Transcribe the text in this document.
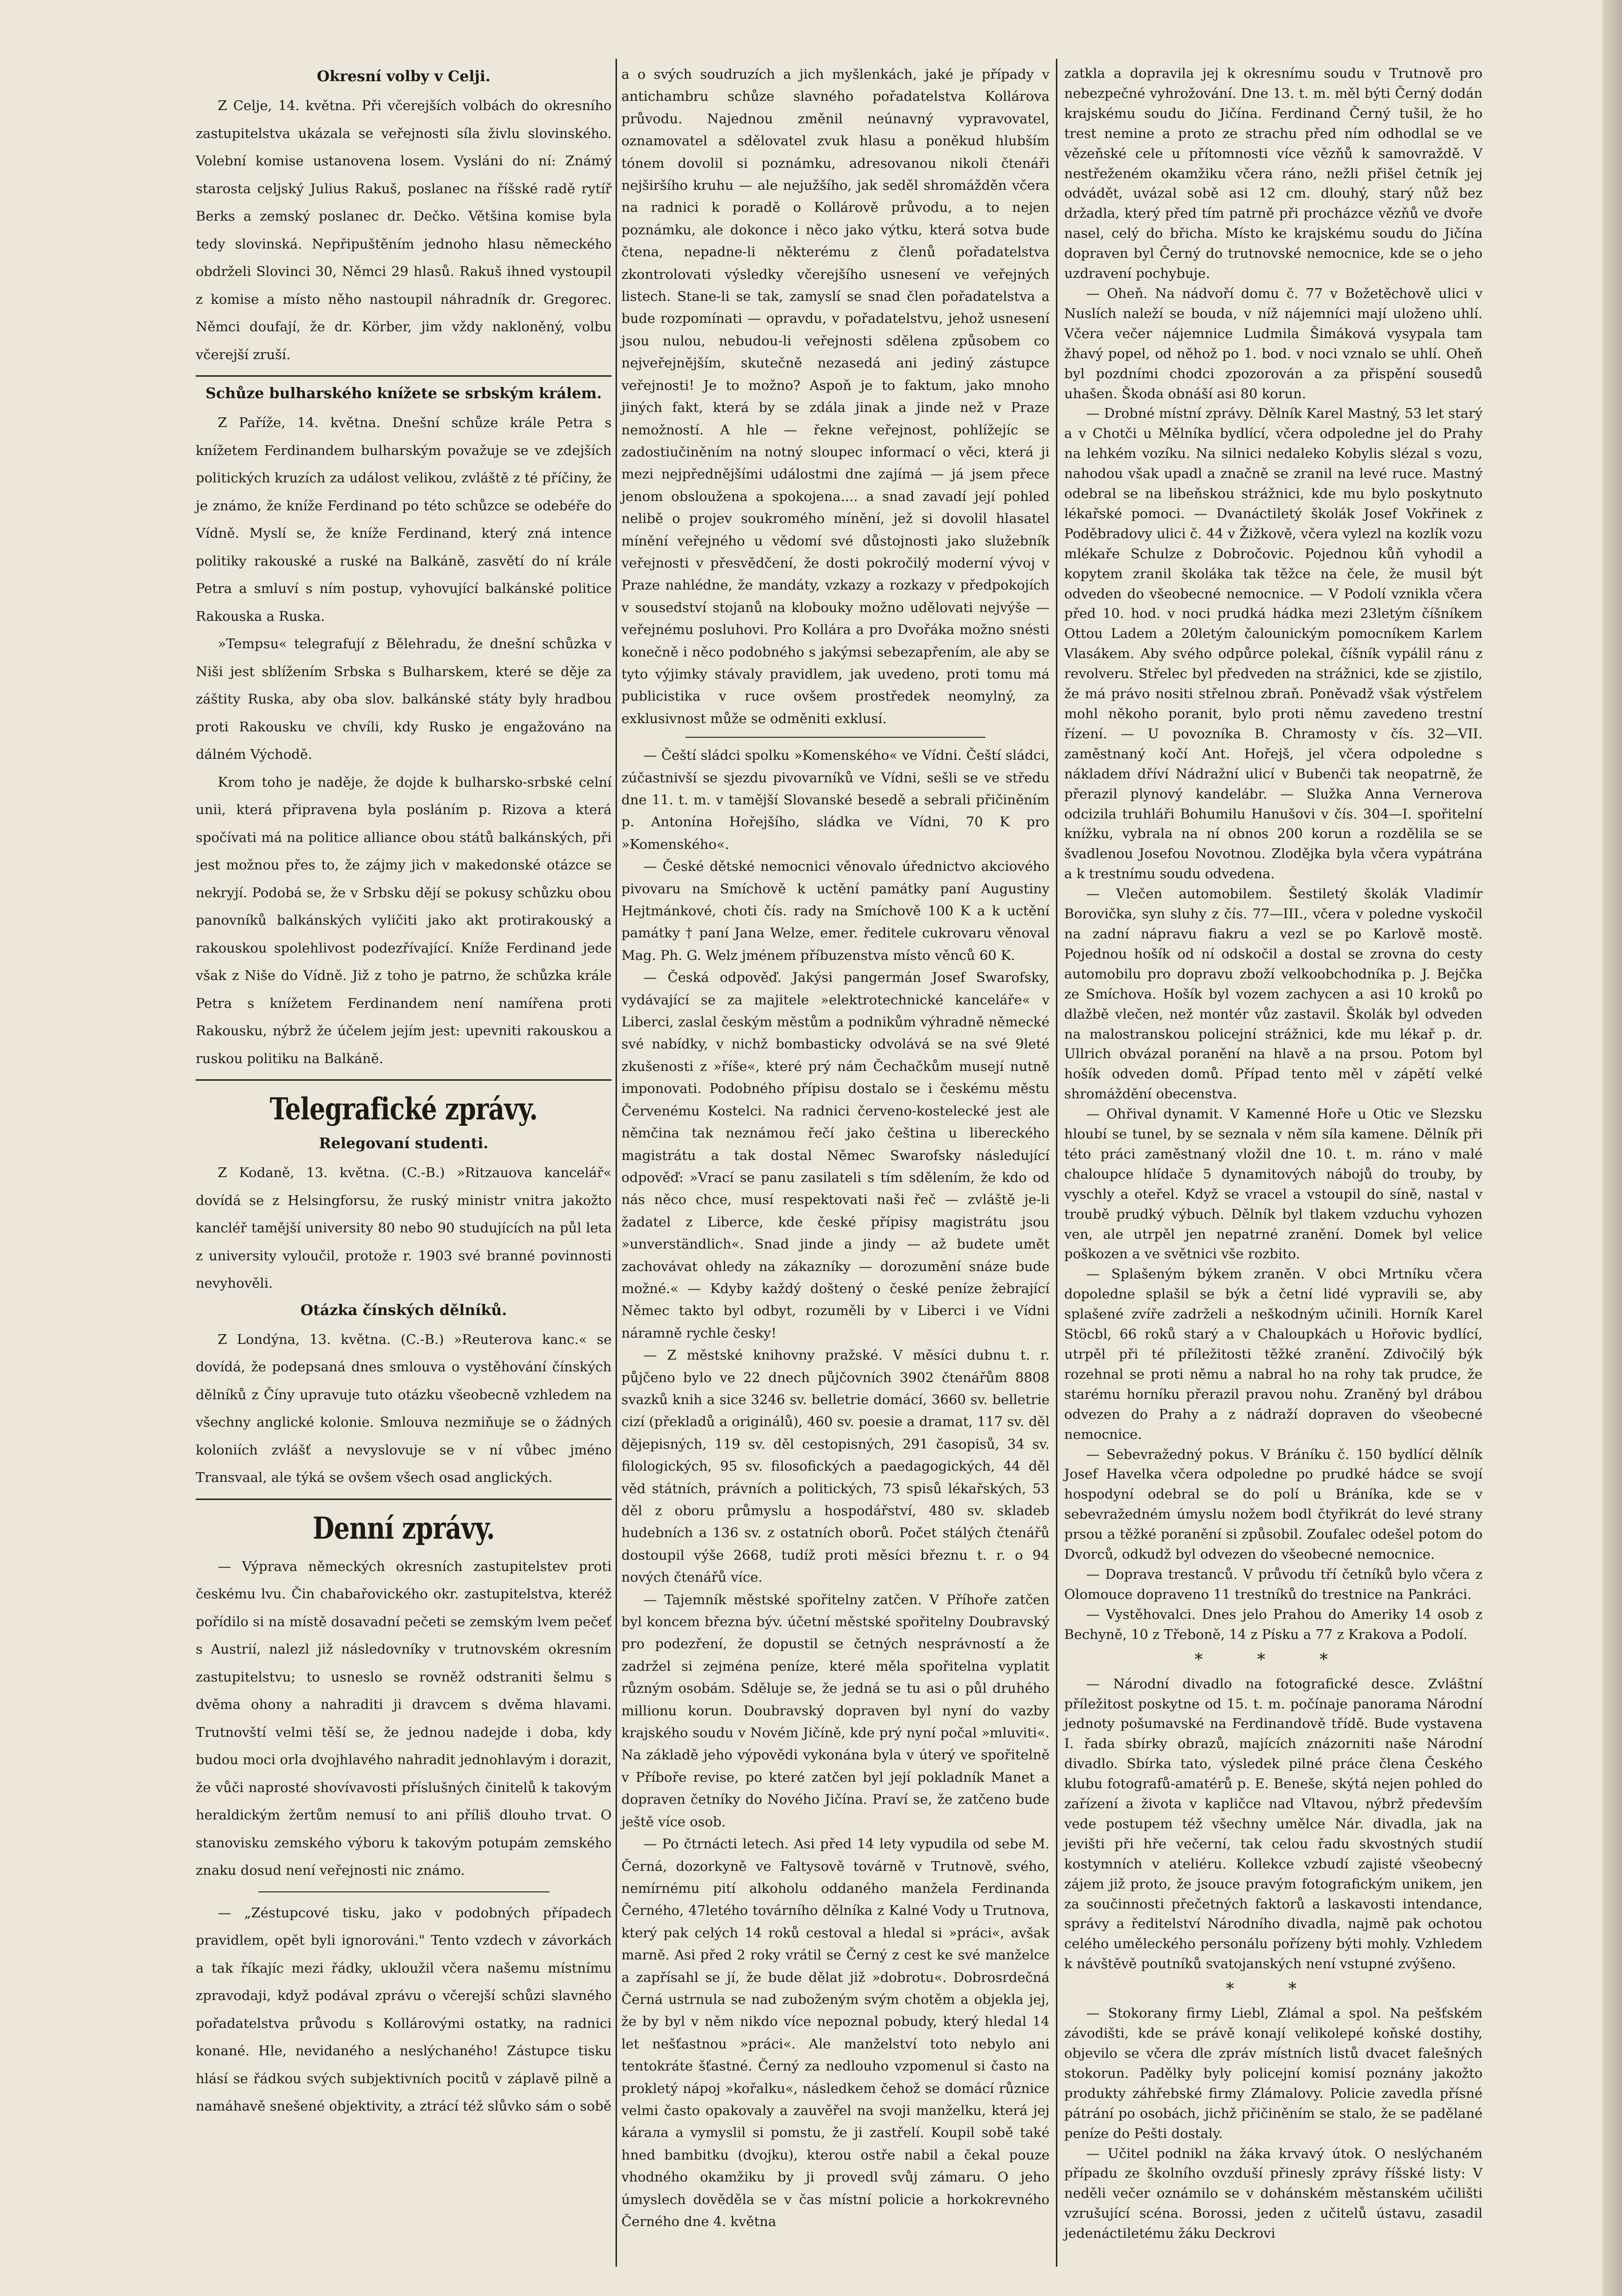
Okresní volby v Celji.

Z Celje, 14. května. Při včerejších volbách do okresního zastupitelstva ukázala se veřejnosti síla živlu slovinského. Volební komise ustanovena losem. Vysláni do ní: Známý starosta celjský Julius Rakuš, poslanec na říšské radě rytíř Berks a zemský poslanec dr. Dečko. Většina komise byla tedy slovinská. Nepřipuštěním jednoho hlasu německého obdrželi Slovinci 30, Němci 29 hlasů. Rakuš ihned vystoupil z komise a místo něho nastoupil náhradník dr. Gregorec. Němci doufají, že dr. Körber, jim vždy nakloněný, volbu včerejší zruší.

Schůze bulharského knížete se srbským králem.

Z Paříže, 14. května. Dnešní schůze krále Petra s knížetem Ferdinandem bulharským považuje se ve zdejších politických kruzích za událost velikou, zvláště z té příčiny, že je známo, že kníže Ferdinand po této schůzce se odebéře do Vídně. Myslí se, že kníže Ferdinand, který zná intence politiky rakouské a ruské na Balkáně, zasvětí do ní krále Petra a smluví s ním postup, vyhovující balkánské politice Rakouska a Ruska.

»Tempsu« telegrafují z Bělehradu, že dnešní schůzka v Niši jest sblížením Srbska s Bulharskem, které se děje za záštity Ruska, aby oba slov. balkánské státy byly hradbou proti Rakousku ve chvíli, kdy Rusko je engažováno na dálném Východě.

Krom toho je naděje, že dojde k bulharsko-srbské celní unii, která připravena byla posláním p. Rizova a která spočívati má na politice alliance obou států balkánských, při jest možnou přes to, že zájmy jich v makedonské otázce se nekryjí. Podobá se, že v Srbsku dějí se pokusy schůzku obou panovníků balkánských vyličiti jako akt protirakouský a rakouskou spolehlivost podezřívající. Kníže Ferdinand jede však z Niše do Vídně. Již z toho je patrno, že schůzka krále Petra s knížetem Ferdinandem není namířena proti Rakousku, nýbrž že účelem jejím jest: upevniti rakouskou a ruskou politiku na Balkáně.

Telegrafické zprávy.
Relegovaní studenti.

Z Kodaně, 13. května. (C.-B.) »Ritzauova kancelář« dovídá se z Helsingforsu, že ruský ministr vnitra jakožto kancléř tamější university 80 nebo 90 studujících na půl leta z university vyloučil, protože r. 1903 své branné povinnosti nevyhověli.

Otázka čínských dělníků.

Z Londýna, 13. května. (C.-B.) »Reuterova kanc.« se dovídá, že podepsaná dnes smlouva o vystěhování čínských dělníků z Číny upravuje tuto otázku všeobecně vzhledem na všechny anglické kolonie. Smlouva nezmiňuje se o žádných koloniích zvlášť a nevyslovuje se v ní vůbec jméno Transvaal, ale týká se ovšem všech osad anglických.

Denní zprávy.

— Výprava německých okresních zastupitelstev proti českému lvu. Čin chabařovického okr. zastupitelstva, kteréž pořídilo si na místě dosavadní pečeti se zemským lvem pečeť s Austrií, nalezl již následovníky v trutnovském okresním zastupitelstvu; to usneslo se rovněž odstraniti šelmu s dvěma ohony a nahraditi ji dravcem s dvěma hlavami. Trutnovští velmi těší se, že jednou nadejde i doba, kdy budou moci orla dvojhlavého nahradit jednohlavým i dorazit, že vůči naprosté shovívavosti příslušných činitelů k takovým heraldickým žertům nemusí to ani příliš dlouho trvat. O stanovisku zemského výboru k takovým potupám zemského znaku dosud není veřejnosti nic známo.

— „Zéstupcové tisku, jako v podobných případech pravidlem, opět byli ignorováni." Tento vzdech v závorkách a tak říkajíc mezi řádky, ukloužil včera našemu místnímu zpravodaji, když podával zprávu o včerejší schůzi slavného pořadatelstva průvodu s Kollárovými ostatky, na radnici konané. Hle, nevidaného a neslýchaného! Zástupce tisku hlásí se řádkou svých subjektivních pocitů v záplavě pilně a namáhavě snešené objektivity, a ztrácí též slůvko sám o sobě

a o svých soudruzích a jich myšlenkách, jaké je případy v antichambru schůze slavného pořadatelstva Kollárova průvodu. Najednou změnil neúnavný vypravovatel, oznamovatel a sdělovatel zvuk hlasu a poněkud hlubším tónem dovolil si poznámku, adresovanou nikoli čtenáři nejširšího kruhu — ale nejužšího, jak seděl shromážděn včera na radnici k poradě o Kollárově průvodu, a to nejen poznámku, ale dokonce i něco jako výtku, která sotva bude čtena, nepadne-li některému z členů pořadatelstva zkontrolovati výsledky včerejšího usnesení ve veřejných listech. Stane-li se tak, zamyslí se snad člen pořadatelstva a bude rozpomínati — opravdu, v pořadatelstvu, jehož usnesení jsou nulou, nebudou-li veřejnosti sdělena způsobem co nejveřejnějším, skutečně nezasedá ani jediný zástupce veřejnosti! Je to možno? Aspoň je to faktum, jako mnoho jiných fakt, která by se zdála jinak a jinde než v Praze nemožností. A hle — řekne veřejnost, pohlížejíc se zadostiučiněním na notný sloupec informací o věci, která ji mezi nejpřednějšími událostmi dne zajímá — já jsem přece jenom obsloužena a spokojena.... a snad zavadí její pohled nelibě o projev soukromého mínění, jež si dovolil hlasatel mínění veřejného u vědomí své důstojnosti jako služebník veřejnosti v přesvědčení, že dosti pokročilý moderní vývoj v Praze nahlédne, že mandáty, vzkazy a rozkazy v předpokojích v sousedství stojanů na klobouky možno udělovati nejvýše — veřejnému posluhovi. Pro Kollára a pro Dvořáka možno snésti konečně i něco podobného s jakýmsi sebezapřením, ale aby se tyto výjimky stávaly pravidlem, jak uvedeno, proti tomu má publicistika v ruce ovšem prostředek neomylný, za exklusivnost může se odměniti exklusí.

— Čeští sládci spolku »Komenského« ve Vídni. Čeští sládci, zúčastnivší se sjezdu pivovarníků ve Vídni, sešli se ve středu dne 11. t. m. v tamější Slovanské besedě a sebrali přičiněním p. Antonína Hořejšího, sládka ve Vídni, 70 K pro »Komenského«.

— České dětské nemocnici věnovalo úřednictvo akciového pivovaru na Smíchově k uctění památky paní Augustiny Hejtmánkové, choti čís. rady na Smíchově 100 K a k uctění památky † paní Jana Welze, emer. ředitele cukrovaru věnoval Mag. Ph. G. Welz jménem příbuzenstva místo věnců 60 K.

— Česká odpověď. Jakýsi pangermán Josef Swarofsky, vydávající se za majitele »elektrotechnické kanceláře« v Liberci, zaslal českým městům a podnikům výhradně německé své nabídky, v nichž bombasticky odvolává se na své 9leté zkušenosti z »říše«, které prý nám Čechačkům musejí nutně imponovati. Podobného přípisu dostalo se i českému městu Červenému Kostelci. Na radnici červeno-kostelecké jest ale němčina tak neznámou řečí jako čeština u libereckého magistrátu a tak dostal Němec Swarofsky následující odpověď: »Vrací se panu zasilateli s tím sdělením, že kdo od nás něco chce, musí respektovati naši řeč — zvláště je-li žadatel z Liberce, kde české přípisy magistrátu jsou »unverständlich«. Snad jinde a jindy — až budete umět zachovávat ohledy na zákazníky — dorozumění snáze bude možné.« — Kdyby každý doštený o české peníze žebrající Němec takto byl odbyt, rozuměli by v Liberci i ve Vídni náramně rychle česky!

— Z městské knihovny pražské. V měsíci dubnu t. r. půjčeno bylo ve 22 dnech půjčovních 3902 čtenářům 8808 svazků knih a sice 3246 sv. belletrie domácí, 3660 sv. belletrie cizí (překladů a originálů), 460 sv. poesie a dramat, 117 sv. děl dějepisných, 119 sv. děl cestopisných, 291 časopisů, 34 sv. filologických, 95 sv. filosofických a paedagogických, 44 děl věd státních, právních a politických, 73 spisů lékařských, 53 děl z oboru průmyslu a hospodářství, 480 sv. skladeb hudebních a 136 sv. z ostatních oborů. Počet stálých čtenářů dostoupil výše 2668, tudíž proti měsíci březnu t. r. o 94 nových čtenářů více.

— Tajemník městské spořitelny zatčen. V Příhoře zatčen byl koncem března býv. účetní městské spořitelny Doubravský pro podezření, že dopustil se četných nesprávností a že zadržel si zejména peníze, které měla spořitelna vyplatit různým osobám. Sděluje se, že jedná se tu asi o půl druhého millionu korun. Doubravský dopraven byl nyní do vazby krajského soudu v Novém Jičíně, kde prý nyní počal »mluviti«. Na základě jeho výpovědi vykonána byla v úterý ve spořitelně v Příboře revise, po které zatčen byl její pokladník Manet a dopraven četníky do Nového Jičína. Praví se, že zatčeno bude ještě více osob.

— Po čtrnácti letech. Asi před 14 lety vypudila od sebe M. Černá, dozorkyně ve Faltysově továrně v Trutnově, svého, nemírnému pití alkoholu oddaného manžela Ferdinanda Černého, 47letého továrního dělníka z Kalné Vody u Trutnova, který pak celých 14 roků cestoval a hledal si »práci«, avšak marně. Asi před 2 roky vrátil se Černý z cest ke své manželce a zapřísahl se jí, že bude dělat již »dobrotu«. Dobrosrdečná Černá ustrnula se nad zuboženým svým chotěm a objekla jej, že by byl v něm nikdo více nepoznal pobudy, který hledal 14 let nešťastnou »práci«. Ale manželství toto nebylo ani tentokráte šťastné. Černý za nedlouho vzpomenul si často na prokletý nápoj »kořalku«, následkem čehož se domácí různice velmi často opakovaly a zauvěřel na svoji manželku, která jej káraла a vymyslil si pomstu, že ji zastřelí. Koupil sobě také hned bambitku (dvojku), kterou ostře nabil a čekal pouze vhodného okamžiku by ji provedl svůj zámaru. O jeho úmyslech dověděla se v čas místní policie a horkokrevného Černého dne 4. května

zatkla a dopravila jej k okresnímu soudu v Trutnově pro nebezpečné vyhrožování. Dne 13. t. m. měl býti Černý dodán krajskému soudu do Jičína. Ferdinand Černý tušil, že ho trest nemine a proto ze strachu před ním odhodlal se ve vězeňské cele u přítomnosti více vězňů k samovraždě. V nestřeženém okamžiku včera ráno, nežli přišel četník jej odvádět, uvázal sobě asi 12 cm. dlouhý, starý nůž bez držadla, který před tím patrně při procházce vězňů ve dvoře nasel, celý do břicha. Místo ke krajskému soudu do Jičína dopraven byl Černý do trutnovské nemocnice, kde se o jeho uzdravení pochybuje.

— Oheň. Na nádvoří domu č. 77 v Božetěchově ulici v Nuslích naleží se bouda, v níž nájemníci mají uloženo uhlí. Včera večer nájemnice Ludmila Šimáková vysypala tam žhavý popel, od něhož po 1. bod. v noci vznalo se uhlí. Oheň byl pozdními chodci zpozorován a za přispění sousedů uhašen. Škoda obnáší asi 80 korun.

— Drobné místní zprávy. Dělník Karel Mastný, 53 let starý a v Chotči u Mělníka bydlící, včera odpoledne jel do Prahy na lehkém vozíku. Na silnici nedaleko Kobylis slézal s vozu, nahodou však upadl a značně se zranil na levé ruce. Mastný odebral se na libeňskou strážnici, kde mu bylo poskytnuto lékařské pomoci. — Dvanáctiletý školák Josef Vokřinek z Poděbradovy ulici č. 44 v Žižkově, včera vylezl na kozlík vozu mlékaře Schulze z Dobročovic. Pojednou kůň vyhodil a kopytem zranil školáka tak těžce na čele, že musil být odveden do všeobecné nemocnice. — V Podolí vznikla včera před 10. hod. v noci prudká hádka mezi 23letým číšníkem Ottou Ladem a 20letým čalounickým pomocníkem Karlem Vlasákem. Aby svého odpůrce polekal, číšník vypálil ránu z revolveru. Střelec byl předveden na strážnici, kde se zjistilo, že má právo nositi střelnou zbraň. Poněvadž však výstřelem mohl někoho poranit, bylo proti němu zavedeno trestní řízení. — U povozníka B. Chramosty v čís. 32—VII. zaměstnaný kočí Ant. Hořejš, jel včera odpoledne s nákladem dříví Nádražní ulicí v Bubenči tak neopatrně, že přerazil plynový kandelábr. — Služka Anna Vernerova odcizila truhláři Bohumilu Hanušovi v čís. 304—I. spořitelní knížku, vybrala na ní obnos 200 korun a rozdělila se se švadlenou Josefou Novotnou. Zlodějka byla včera vypátrána a k trestnímu soudu odvedena.

— Vlečen automobilem. Šestiletý školák Vladimír Borovička, syn sluhy z čís. 77—III., včera v poledne vyskočil na zadní nápravu fiakru a vezl se po Karlově mostě. Pojednou hošík od ní odskočil a dostal se zrovna do cesty automobilu pro dopravu zboží velkoobchodníka p. J. Bejčka ze Smíchova. Hošík byl vozem zachycen a asi 10 kroků po dlažbě vlečen, než montér vůz zastavil. Školák byl odveden na malostranskou policejní strážnici, kde mu lékař p. dr. Ullrich obvázal poranění na hlavě a na prsou. Potom byl hošík odveden domů. Případ tento měl v zápětí velké shromáždění obecenstva.

— Ohřival dynamit. V Kamenné Hoře u Otic ve Slezsku hloubí se tunel, by se seznala v něm síla kamene. Dělník při této práci zaměstnaný vložil dne 10. t. m. ráno v malé chaloupce hlídače 5 dynamitových nábojů do trouby, by vyschly a oteřel. Když se vracel a vstoupil do síně, nastal v troubě prudký výbuch. Dělník byl tlakem vzduchu vyhozen ven, ale utrpěl jen nepatrné zranění. Domek byl velice poškozen a ve světnici vše rozbito.

— Splašeným býkem zraněn. V obci Mrtníku včera dopoledne splašil se býk a četní lidé vypravili se, aby splašené zvíře zadrželi a neškodným učinili. Horník Karel Stöcbl, 66 roků starý a v Chaloupkách u Hořovic bydlící, utrpěl při té příležitosti těžké zranění. Zdivočilý býk rozehnal se proti němu a nabral ho na rohy tak prudce, že starému horníku přerazil pravou nohu. Zraněný byl drábou odvezen do Prahy a z nádraží dopraven do všeobecné nemocnice.

— Sebevražedný pokus. V Bráníku č. 150 bydlící dělník Josef Havelka včera odpoledne po prudké hádce se svojí hospodyní odebral se do polí u Bráníka, kde se v sebevražedném úmyslu nožem bodl čtyřikrát do levé strany prsou a těžké poranění si způsobil. Zoufalec odešel potom do Dvorců, odkudž byl odvezen do všeobecné nemocnice.

— Doprava trestanců. V průvodu tří četníků bylo včera z Olomouce dopraveno 11 trestníků do trestnice na Pankráci.

— Vystěhovalci. Dnes jelo Prahou do Ameriky 14 osob z Bechyně, 10 z Třeboně, 14 z Písku a 77 z Krakova a Podolí.

* * *

— Národní divadlo na fotografické desce. Zvláštní příležitost poskytne od 15. t. m. počínaje panorama Národní jednoty pošumavské na Ferdinandově třídě. Bude vystavena I. řada sbírky obrazů, majících znázorniti naše Národní divadlo. Sbírka tato, výsledek pilné práce člena Českého klubu fotografů-amatérů p. E. Beneše, skýtá nejen pohled do zařízení a života v kapličce nad Vltavou, nýbrž především vede postupem též všechny umělce Nár. divadla, jak na jevišti při hře večerní, tak celou řadu skvostných studií kostymních v ateliéru. Kollekce vzbudí zajisté všeobecný zájem již proto, že jsouce pravým fotografickým unikem, jen za součinnosti přečetných faktorů a laskavosti intendance, správy a ředitelství Národního divadla, najmě pak ochotou celého uměleckého personálu pořízeny býti mohly. Vzhledem k návštěvě poutníků svatojanských není vstupné zvýšeno.

* *

— Stokorany firmy Liebl, Zlámal a spol. Na pešťském závodišti, kde se právě konají velikolepé koňské dostihy, objevilo se včera dle zpráv místních listů dvacet falešných stokorun. Padělky byly policejní komisí poznány jakožto produkty záhřebské firmy Zlámalovy. Policie zavedla přísné pátrání po osobách, jichž přičiněním se stalo, že se padělané peníze do Pešti dostaly.

— Učitel podnikl na žáka krvavý útok. O neslýchaném případu ze školního ovzduší přinesly zprávy říšské listy: V neděli večer oznámilo se v dohánském městanském učilišti vzrušující scéna. Borossi, jeden z učitelů ústavu, zasadil jedenáctiletému žáku Deckrovi
